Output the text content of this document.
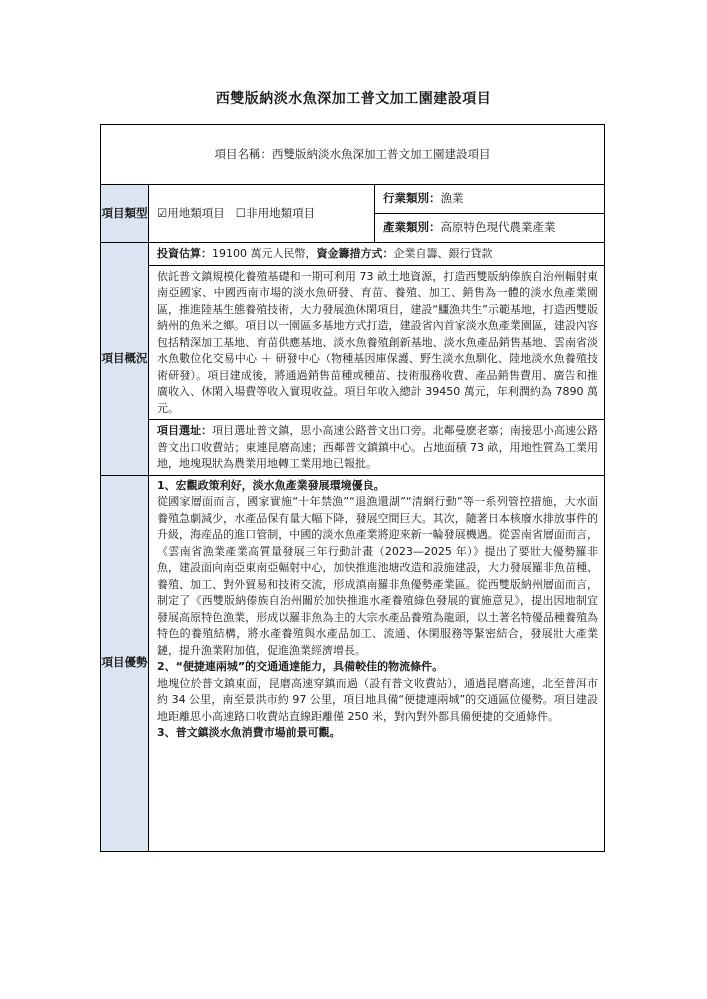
西雙版納淡水魚深加工普文加工園建設項目
項目名稱：西雙版納淡水魚深加工普文加工園建設項目		
項目類型	☑用地類項目 ☐非用地類項目	行業類別：漁業
		產業類別：高原特色現代農業產業
項目概況	投資估算：19100 萬元人民幣，資金籌措方式：企業自籌、銀行貸款	
	依託普文鎮規模化養殖基礎和一期可利用 73 畝土地資源，打造西雙版納傣族自治州輻射東南亞國家、中國西南市場的淡水魚研發、育苗、養殖、加工、銷售為一體的淡水魚產業園區，推進陸基生態養殖技術，大力發展漁休閑項目，建設“鱷漁共生”示範基地，打造西雙版納州的魚米之鄉。項目以一園區多基地方式打造，建設省內首家淡水魚產業園區，建設內容包括精深加工基地、育苗供應基地、淡水魚養殖創新基地、淡水魚產品銷售基地、雲南省淡水魚數位化交易中心 ＋ 研發中心（物種基因庫保護、野生淡水魚馴化、陸地淡水魚養殖技術研發）。項目建成後，將通過銷售苗種或種苗、技術服務收費、產品銷售費用、廣告和推廣收入、休閑入場費等收入實現收益。項目年收入總計 39450 萬元，年利潤約為 7890 萬元。	
	項目選址：項目選址普文鎮，思小高速公路普文出口旁。北鄰曼麽老寨；南接思小高速公路普文出口收費站；東連昆磨高速；西鄰普文鎮鎮中心。占地面積 73 畝，用地性質為工業用地，地塊現狀為農業用地轉工業用地已報批。	
項目優勢	1、宏觀政策利好，淡水魚產業發展環境優良。

從國家層面而言，國家實施“十年禁漁”“退漁還湖”“清網行動”等一系列管控措施，大水面養殖急劇減少，水產品保有量大幅下降，發展空間巨大。其次，隨著日本核廢水排放事件的升級，海産品的進口管制，中國的淡水魚產業將迎來新一輪發展機遇。從雲南省層面而言，《雲南省漁業產業高質量發展三年行動計畫（2023—2025 年）》提出了要壯大優勢羅非魚，建設面向南亞東南亞輻射中心，加快推進池塘改造和設施建設，大力發展羅非魚苗種、養殖、加工、對外貿易和技術交流，形成滇南羅非魚優勢產業區。從西雙版納州層面而言，制定了《西雙版納傣族自治州關於加快推進水產養殖綠色發展的實施意見》，提出因地制宜發展高原特色漁業，形成以羅非魚為主的大宗水產品養殖為龍頭，以土著名特優品種養殖為特色的養殖結構，將水產養殖與水產品加工、流通、休閑服務等緊密結合，發展壯大產業鏈，提升漁業附加值，促進漁業經濟增長。

2、“便捷連兩城”的交通通達能力，具備較佳的物流條件。

地塊位於普文鎮東面，昆磨高速穿鎮而過（設有普文收費站），通過昆磨高速，北至普洱市約 34 公里，南至景洪市約 97 公里，項目地具備“便捷連兩城”的交通區位優勢。項目建設地距離思小高速路口收費站直線距離僅 250 米，對內對外都具備便捷的交通條件。

3、普文鎮淡水魚消費市場前景可觀。	
